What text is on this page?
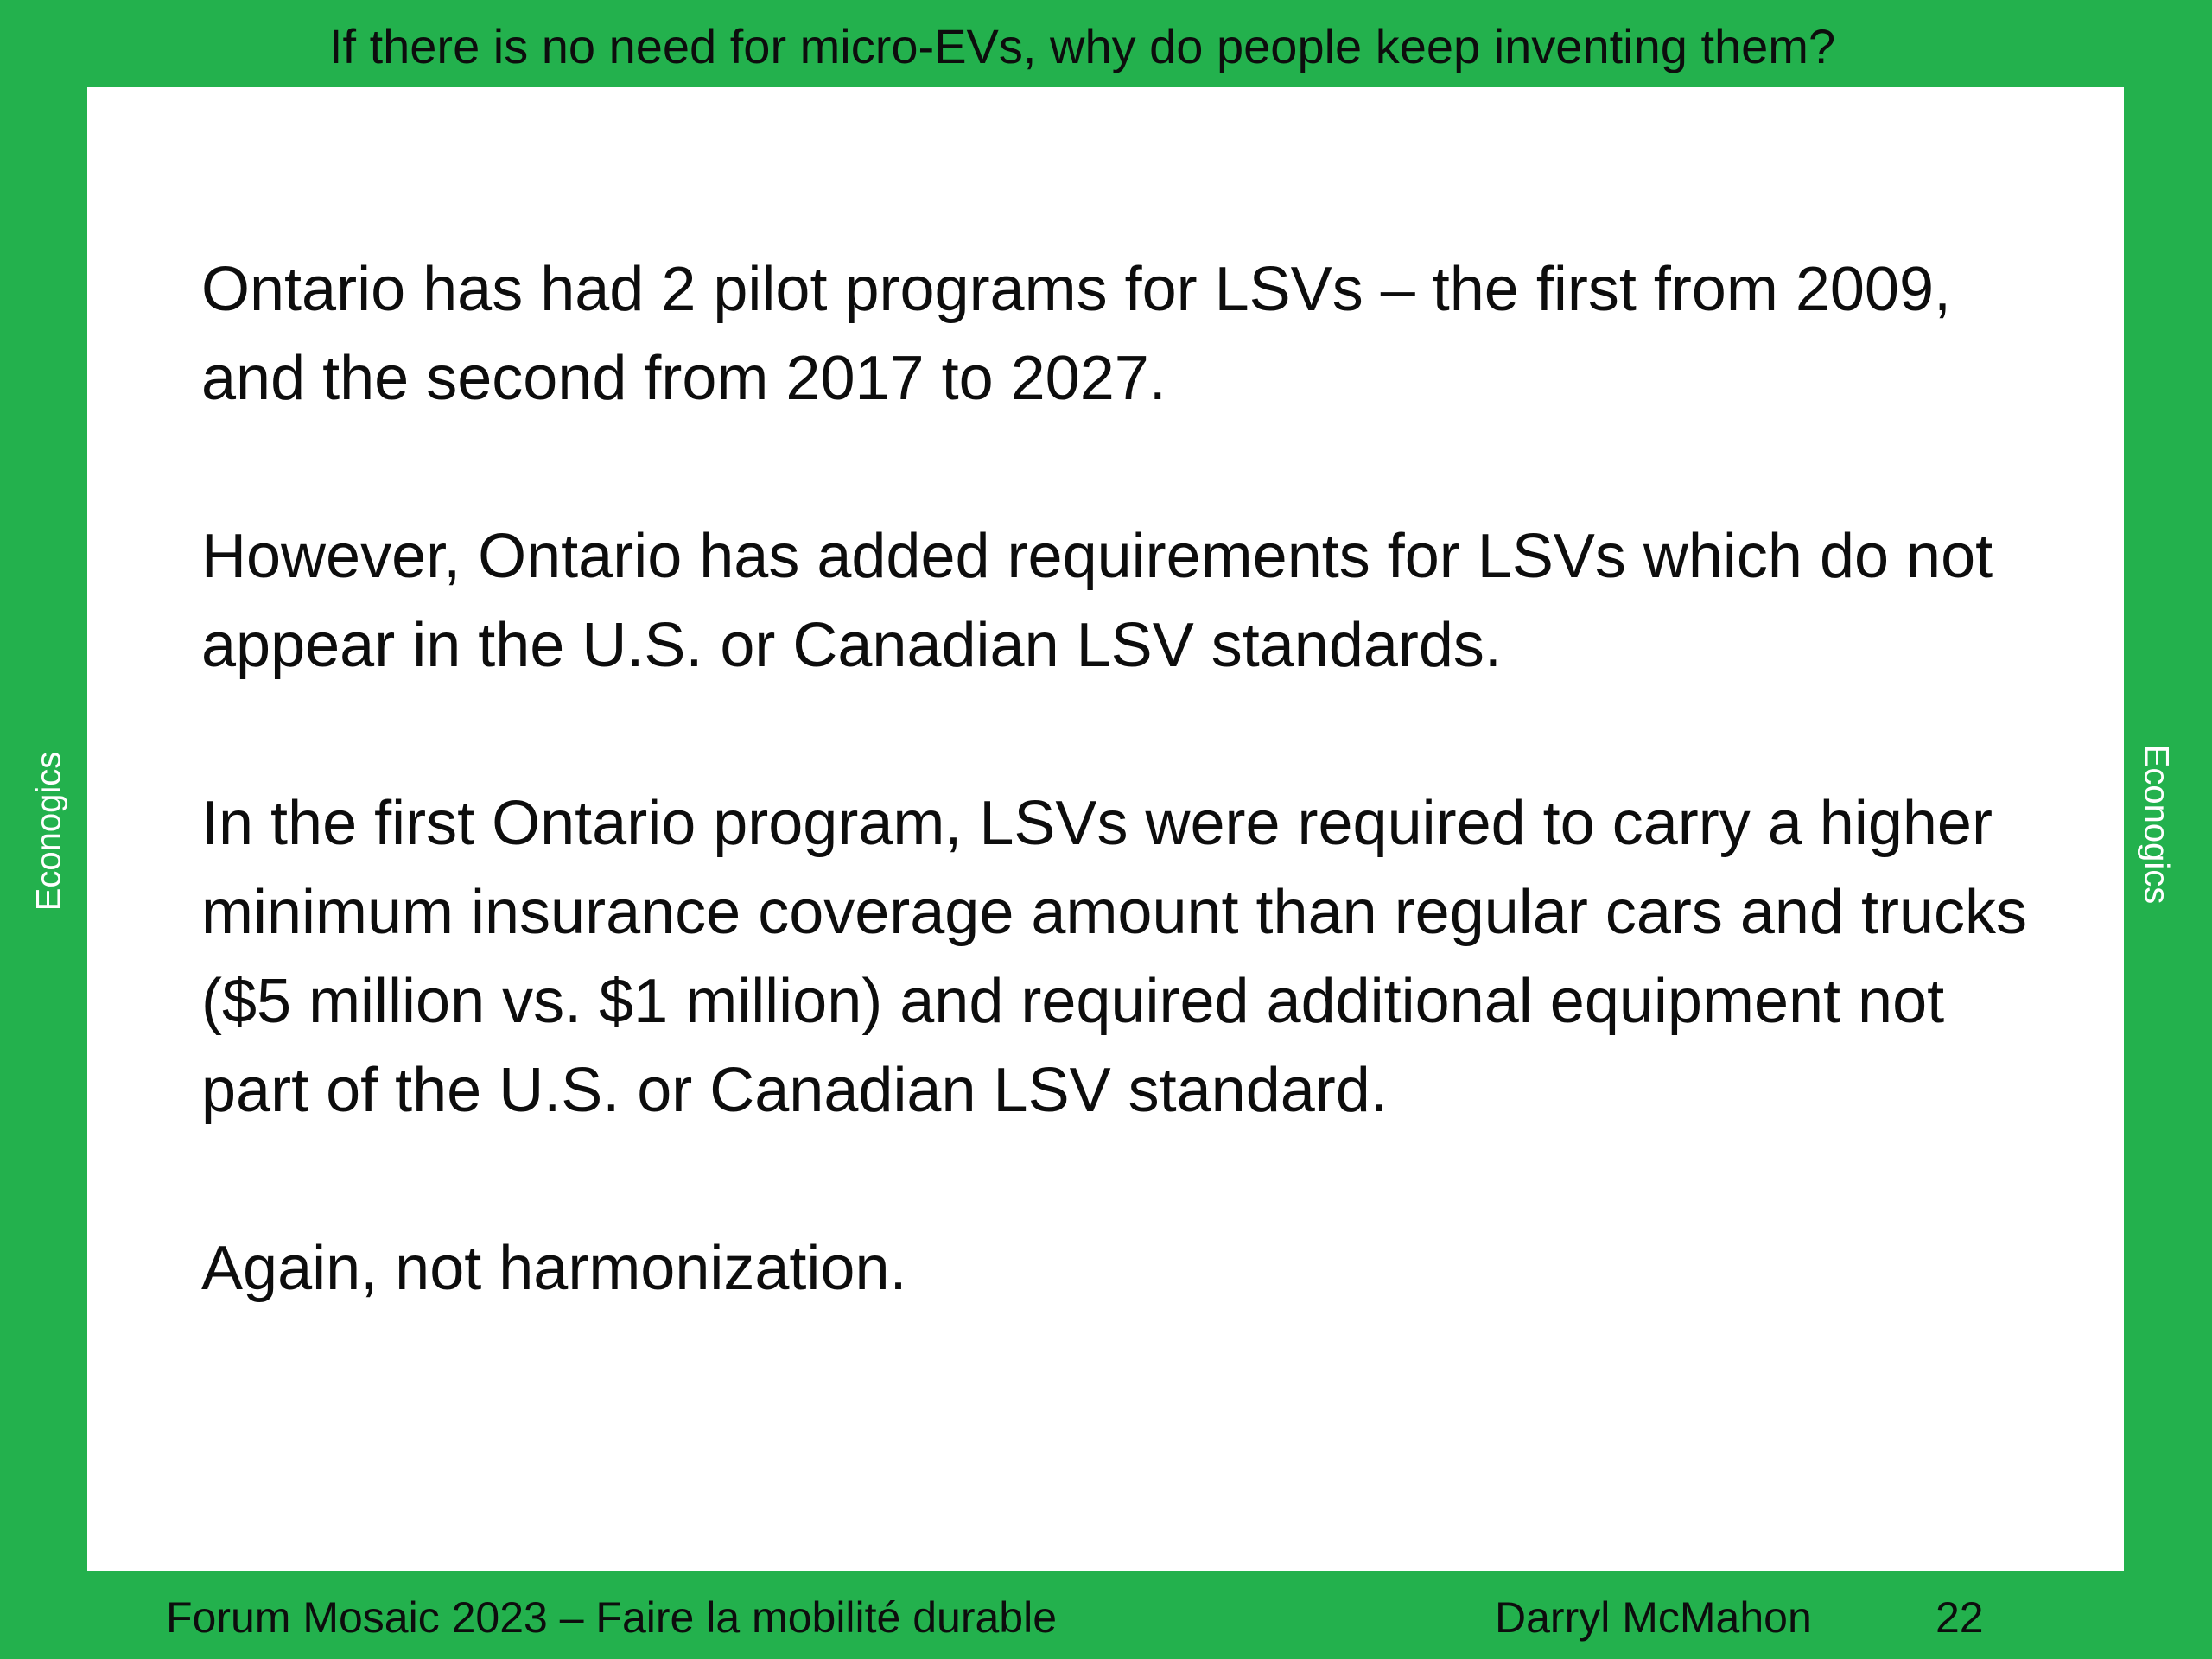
If there is no need for micro-EVs, why do people keep inventing them?

Ontario has had 2 pilot programs for LSVs – the first from 2009, and the second from 2017 to 2027.

However, Ontario has added requirements for LSVs which do not appear in the U.S. or Canadian LSV standards.

In the first Ontario program, LSVs were required to carry a higher minimum insurance coverage amount than regular cars and trucks ($5 million vs. $1 million) and required additional equipment not part of the U.S. or Canadian LSV standard.

Again, not harmonization.

Econogics	Econogics
Forum Mosaic 2023 – Faire la mobilité durable	Darryl McMahon	22
